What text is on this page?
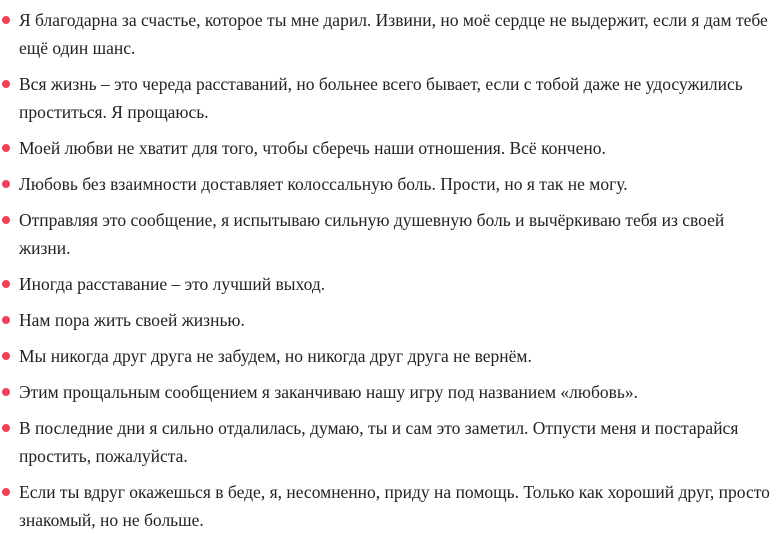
Я благодарна за счастье, которое ты мне дарил. Извини, но моё сердце не выдержит, если я дам тебе ещё один шанс.
Вся жизнь – это череда расставаний, но больнее всего бывает, если с тобой даже не удосужились проститься. Я прощаюсь.
Моей любви не хватит для того, чтобы сберечь наши отношения. Всё кончено.
Любовь без взаимности доставляет колоссальную боль. Прости, но я так не могу.
Отправляя это сообщение, я испытываю сильную душевную боль и вычёркиваю тебя из своей жизни.
Иногда расставание – это лучший выход.
Нам пора жить своей жизнью.
Мы никогда друг друга не забудем, но никогда друг друга не вернём.
Этим прощальным сообщением я заканчиваю нашу игру под названием «любовь».
В последние дни я сильно отдалилась, думаю, ты и сам это заметил. Отпусти меня и постарайся простить, пожалуйста.
Если ты вдруг окажешься в беде, я, несомненно, приду на помощь. Только как хороший друг, просто знакомый, но не больше.
